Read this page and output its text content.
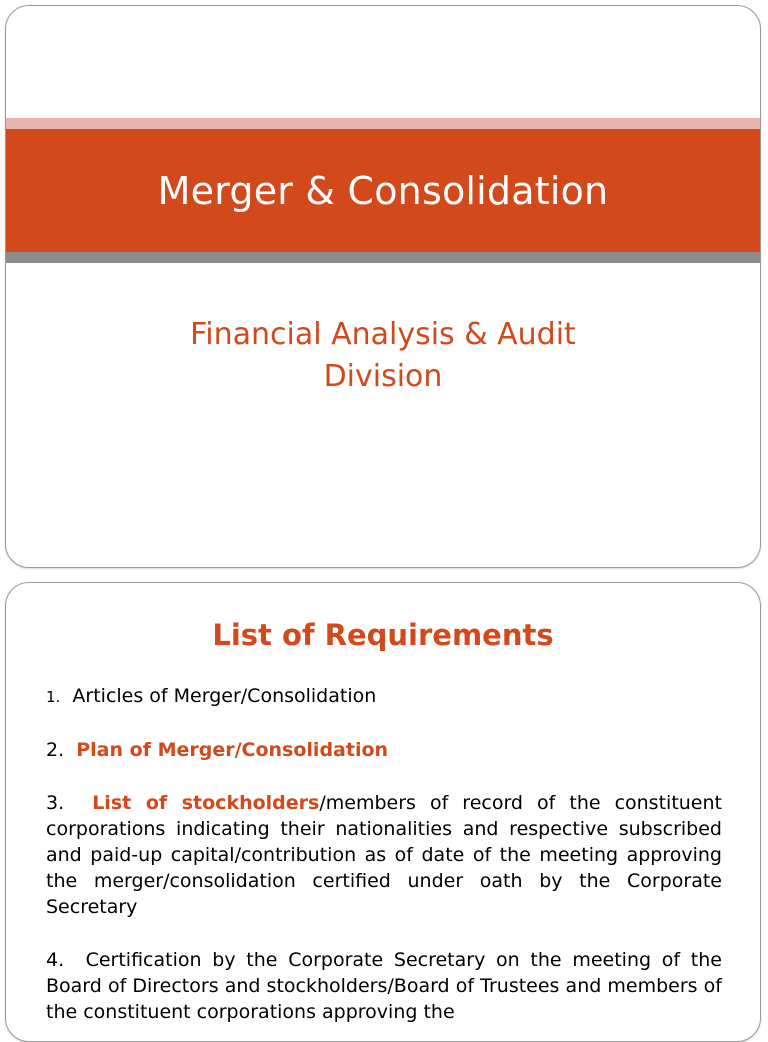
Merger & Consolidation
Financial Analysis & Audit
Division
List of Requirements
1. Articles of Merger/Consolidation
2. Plan of Merger/Consolidation
3. List of stockholders/members of record of the constituent corporations indicating their nationalities and respective subscribed and paid-up capital/contribution as of date of the meeting approving the merger/consolidation certified under oath by the Corporate Secretary
4. Certification by the Corporate Secretary on the meeting of the Board of Directors and stockholders/Board of Trustees and members of the constituent corporations approving the
